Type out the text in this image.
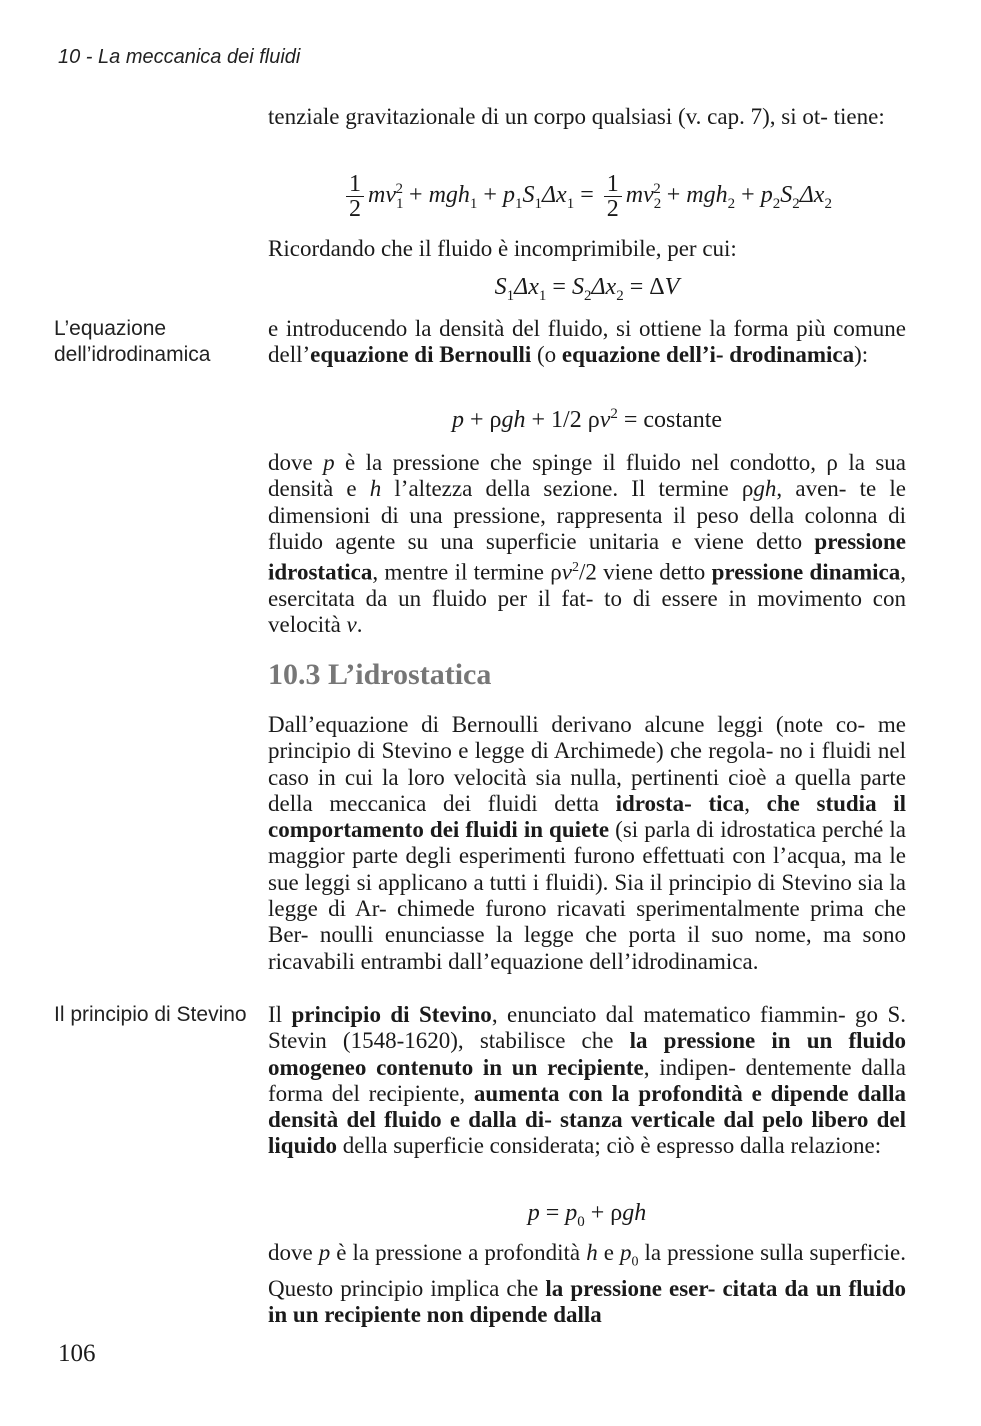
10 - La meccanica dei fluidi

tenziale gravitazionale di un corpo qualsiasi (v. cap. 7), si ot- tiene:

$\frac{1}{2} mv_1^2 + mgh_1 + p_1S_1\Delta x_1 = \frac{1}{2} mv_2^2 + mgh_2 + p_2S_2\Delta x_2$

Ricordando che il fluido è incomprimibile, per cui:

$S_1\Delta x_1 = S_2\Delta x_2 = \Delta V$
L’equazione
dell’idrodinamica

e introducendo la densità del fluido, si ottiene la forma più comune dell’equazione di Bernoulli (o equazione dell’i- drodinamica):

p + ρgh + 1/2 $\rho v^2$ = costante

dove p è la pressione che spinge il fluido nel condotto, ρ la sua densità e h l’altezza della sezione. Il termine ρgh, aven- te le dimensioni di una pressione, rappresenta il peso della colonna di fluido agente su una superficie unitaria e viene detto pressione idrostatica, mentre il termine $\rho v^2/2$ viene detto pressione dinamica, esercitata da un fluido per il fat- to di essere in movimento con velocità v.

10.3 L’idrostatica

Dall’equazione di Bernoulli derivano alcune leggi (note co- me principio di Stevino e legge di Archimede) che regola- no i fluidi nel caso in cui la loro velocità sia nulla, pertinenti cioè a quella parte della meccanica dei fluidi detta idrosta- tica, che studia il comportamento dei fluidi in quiete (si parla di idrostatica perché la maggior parte degli esperimenti furono effettuati con l’acqua, ma le sue leggi si applicano a tutti i fluidi). Sia il principio di Stevino sia la legge di Ar- chimede furono ricavati sperimentalmente prima che Ber- noulli enunciasse la legge che porta il suo nome, ma sono ricavabili entrambi dall’equazione dell’idrodinamica.

Il principio di Stevino Il principio di Stevino, enunciato dal matematico fiammin- go S. Stevin (1548-1620), stabilisce che la pressione in un fluido omogeneo contenuto in un recipiente, indipen- dentemente dalla forma del recipiente, aumenta con la profondità e dipende dalla densità del fluido e dalla di- stanza verticale dal pelo libero del liquido della superficie considerata; ciò è espresso dalla relazione:

$p = p_0 + \rho gh$

dove p è la pressione a profondità h e $p_0$ la pressione sulla superficie. Questo principio implica che la pressione eser- citata da un fluido in un recipiente non dipende dalla

106
